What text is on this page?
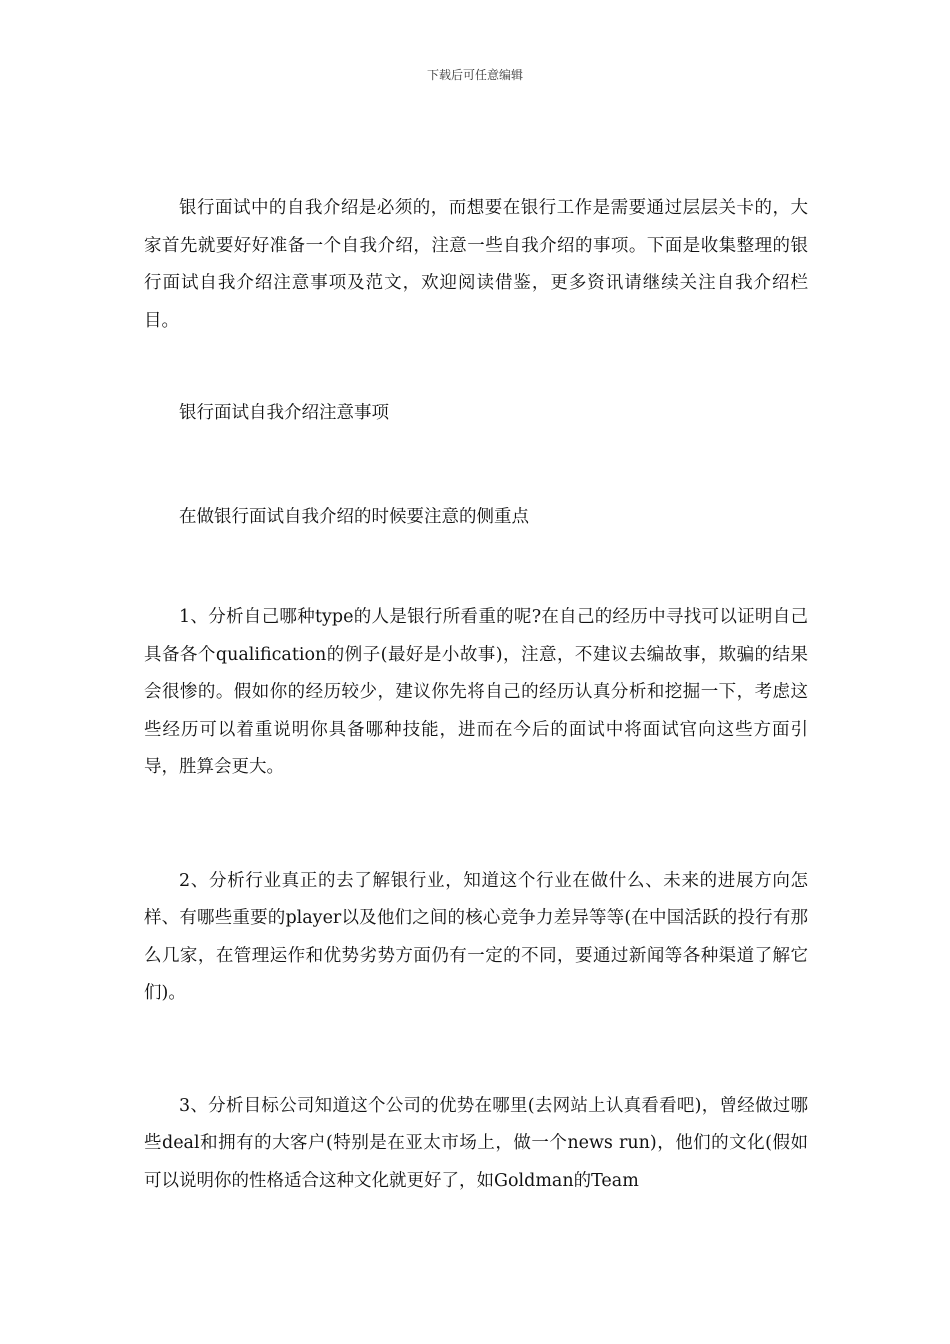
下载后可任意编辑

银行面试中的自我介绍是必须的，而想要在银行工作是需要通过层层关卡的，大家首先就要好好准备一个自我介绍，注意一些自我介绍的事项。下面是收集整理的银行面试自我介绍注意事项及范文，欢迎阅读借鉴，更多资讯请继续关注自我介绍栏目。

银行面试自我介绍注意事项

在做银行面试自我介绍的时候要注意的侧重点

1、分析自己哪种type的人是银行所看重的呢?在自己的经历中寻找可以证明自己具备各个qualification的例子(最好是小故事)，注意，不建议去编故事，欺骗的结果会很惨的。假如你的经历较少，建议你先将自己的经历认真分析和挖掘一下，考虑这些经历可以着重说明你具备哪种技能，进而在今后的面试中将面试官向这些方面引导，胜算会更大。

2、分析行业真正的去了解银行业，知道这个行业在做什么、未来的进展方向怎样、有哪些重要的player以及他们之间的核心竞争力差异等等(在中国活跃的投行有那么几家，在管理运作和优势劣势方面仍有一定的不同，要通过新闻等各种渠道了解它们)。

3、分析目标公司知道这个公司的优势在哪里(去网站上认真看看吧)，曾经做过哪些deal和拥有的大客户(特别是在亚太市场上，做一个news run)，他们的文化(假如可以说明你的性格适合这种文化就更好了，如Goldman的Team
